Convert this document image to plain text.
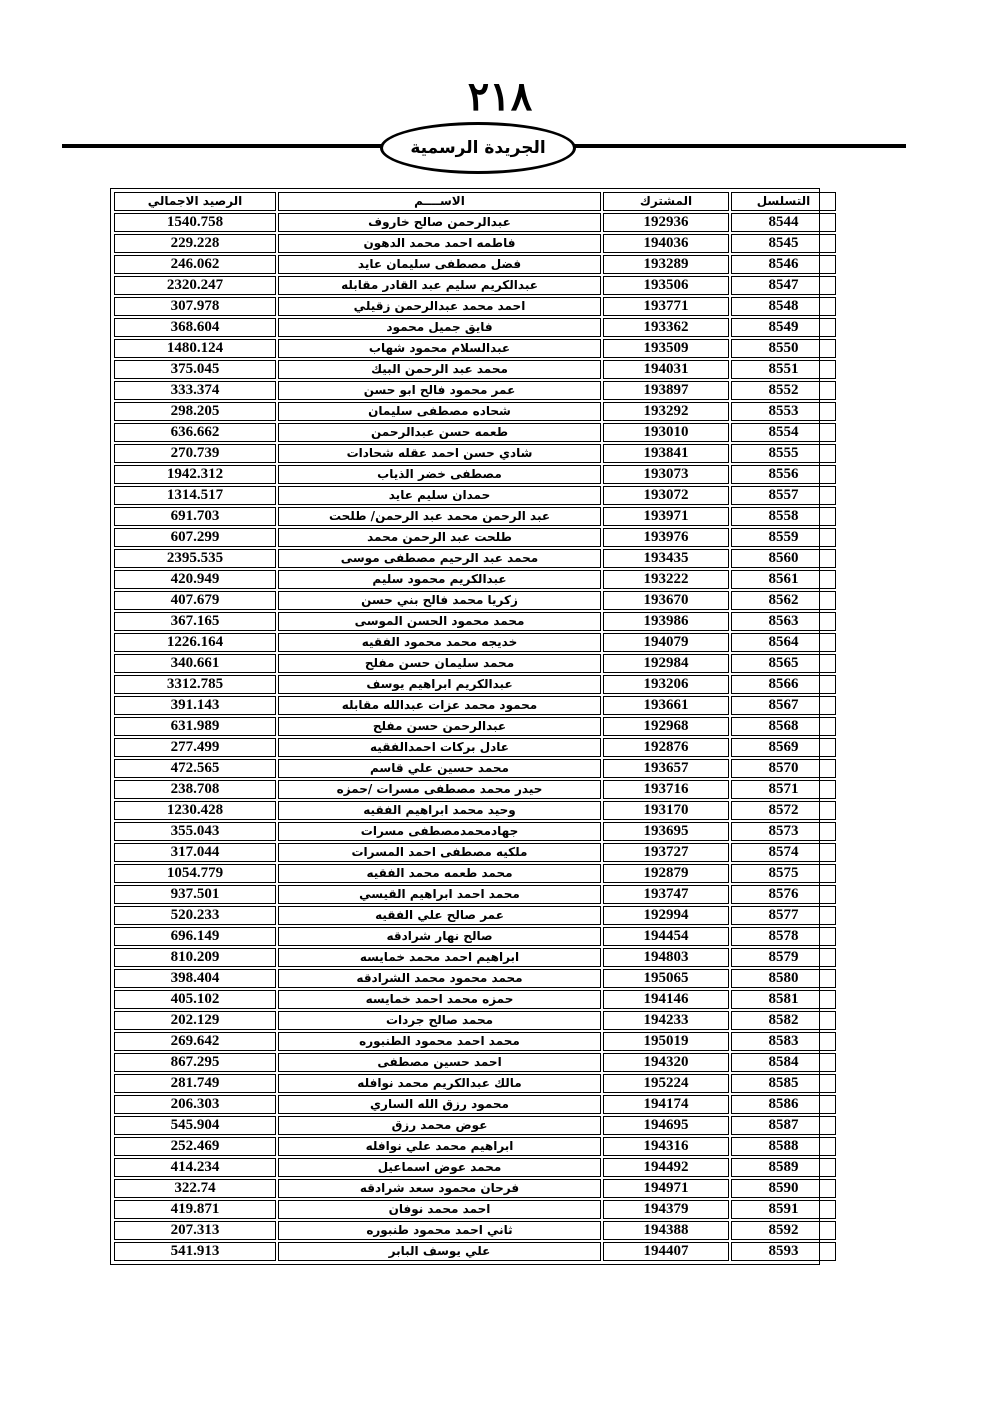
٢١٨
الجريدة الرسمية
التسلسل	المشترك	الاســــم	الرصيد الاجمالي
8544	192936	عبدالرحمن صالح خاروف	1540.758
8545	194036	فاطمه احمد محمد الدهون	229.228
8546	193289	فضل مصطفى سليمان عايد	246.062
8547	193506	عبدالكريم سليم عبد القادر مقابله	2320.247
8548	193771	احمد محمد عبدالرحمن زقيلي	307.978
8549	193362	فايق جميل محمود	368.604
8550	193509	عبدالسلام محمود شهاب	1480.124
8551	194031	محمد عبد الرحمن البيك	375.045
8552	193897	عمر محمود فالح ابو حسن	333.374
8553	193292	شحاده مصطفى سليمان	298.205
8554	193010	طعمه حسن عبدالرحمن	636.662
8555	193841	شادي حسن احمد عقله شحادات	270.739
8556	193073	مصطفى خضر الذياب	1942.312
8557	193072	حمدان سليم عايد	1314.517
8558	193971	عبد الرحمن محمد عبد الرحمن/ طلحت	691.703
8559	193976	طلحت عبد الرحمن محمد	607.299
8560	193435	محمد عبد الرحيم مصطفى موسى	2395.535
8561	193222	عبدالكريم محمود سليم	420.949
8562	193670	زكريا محمد فالح بني حسن	407.679
8563	193986	محمد محمود الحسن الموسى	367.165
8564	194079	خديجه محمد محمود الفقيه	1226.164
8565	192984	محمد سليمان حسن مفلح	340.661
8566	193206	عبدالكريم ابراهيم يوسف	3312.785
8567	193661	محمود محمد عزات عبدالله مقابله	391.143
8568	192968	عبدالرحمن حسن مفلح	631.989
8569	192876	عادل بركات احمدالفقيه	277.499
8570	193657	محمد حسين علي قاسم	472.565
8571	193716	حيدر محمد مصطفى مسرات /حمزه	238.708
8572	193170	وحيد محمد ابراهيم الفقيه	1230.428
8573	193695	جهادمحمدمصطفى مسرات	355.043
8574	193727	ملكيه مصطفى احمد المسرات	317.044
8575	192879	محمد طعمه محمد الفقيه	1054.779
8576	193747	محمد احمد ابراهيم القيسي	937.501
8577	192994	عمر صالح علي الفقيه	520.233
8578	194454	صالح نهار شرادقه	696.149
8579	194803	ابراهيم احمد محمد خمايسه	810.209
8580	195065	محمد محمود محمد الشرادقه	398.404
8581	194146	حمزه محمد احمد خمايسه	405.102
8582	194233	محمد صالح جردات	202.129
8583	195019	محمد احمد محمود الطنبوره	269.642
8584	194320	احمد حسين مصطفى	867.295
8585	195224	مالك عبدالكريم محمد نوافله	281.749
8586	194174	محمود رزق الله الساري	206.303
8587	194695	عوض محمد رزق	545.904
8588	194316	ابراهيم محمد علي نوافله	252.469
8589	194492	محمد عوض اسماعيل	414.234
8590	194971	فرحان محمود سعد شرادقه	322.74
8591	194379	احمد محمد نوفان	419.871
8592	194388	ثاني احمد محمود طنبوره	207.313
8593	194407	علي يوسف البابر	541.913
